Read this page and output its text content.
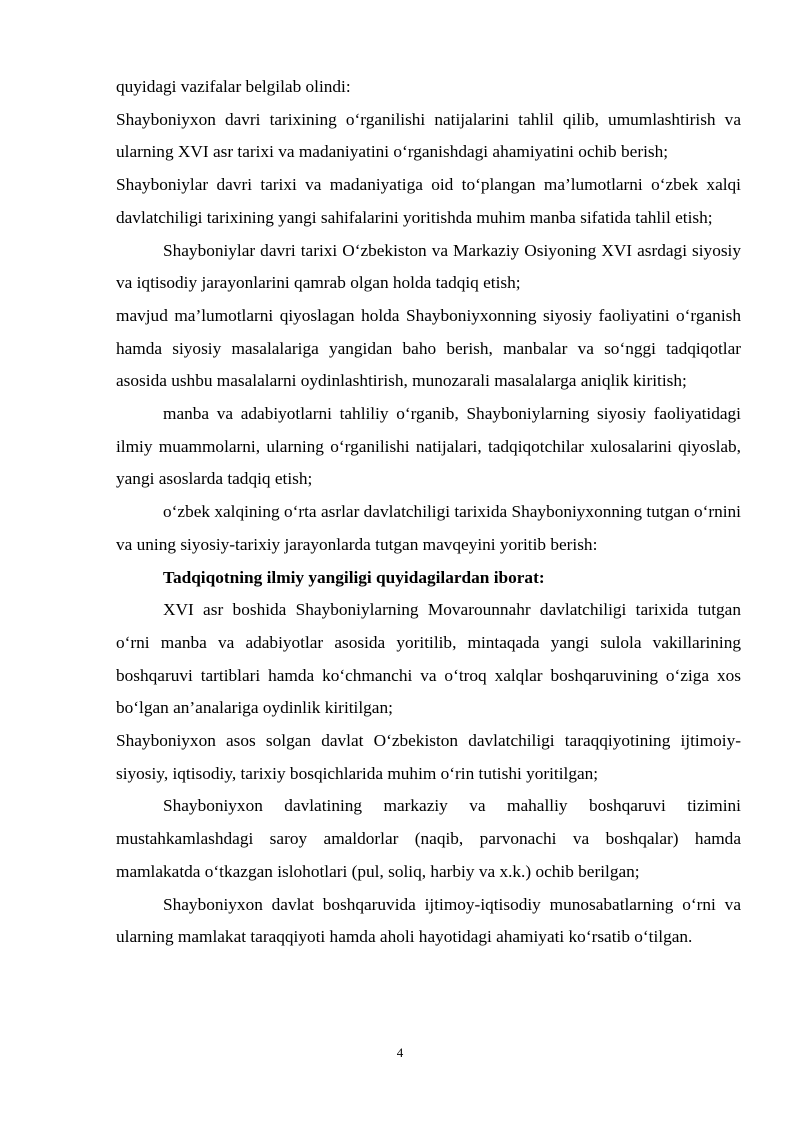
quyidagi vazifalar belgilab olindi:

Shayboniyxon davri tarixining o‘rganilishi natijalarini tahlil qilib, umumlashtirish va ularning XVI asr tarixi va madaniyatini o‘rganishdagi ahamiyatini ochib berish;

Shayboniylar davri tarixi va madaniyatiga oid to‘plangan ma’lumotlarni o‘zbek xalqi davlatchiligi tarixining yangi sahifalarini yoritishda muhim manba sifatida tahlil etish;

Shayboniylar davri tarixi O‘zbekiston va Markaziy Osiyoning XVI asrdagi siyosiy va iqtisodiy jarayonlarini qamrab olgan holda tadqiq etish;

mavjud ma’lumotlarni qiyoslagan holda Shayboniyxonning siyosiy faoliyatini o‘rganish hamda siyosiy masalalariga yangidan baho berish, manbalar va so‘nggi tadqiqotlar asosida ushbu masalalarni oydinlashtirish, munozarali masalalarga aniqlik kiritish;

manba va adabiyotlarni tahliliy o‘rganib, Shayboniylarning siyosiy faoliyatidagi ilmiy muammolarni, ularning o‘rganilishi natijalari, tadqiqotchilar xulosalarini qiyoslab, yangi asoslarda tadqiq etish;

o‘zbek xalqining o‘rta asrlar davlatchiligi tarixida Shayboniyxonning tutgan o‘rnini va uning siyosiy-tarixiy jarayonlarda tutgan mavqeyini yoritib berish:

Tadqiqotning ilmiy yangiligi quyidagilardan iborat:

XVI asr boshida Shayboniylarning Movarounnahr davlatchiligi tarixida tutgan o‘rni manba va adabiyotlar asosida yoritilib, mintaqada yangi sulola vakillarining boshqaruvi tartiblari hamda ko‘chmanchi va o‘troq xalqlar boshqaruvining o‘ziga xos bo‘lgan an’analariga oydinlik kiritilgan;

Shayboniyxon asos solgan davlat O‘zbekiston davlatchiligi taraqqiyotining ijtimoiy-siyosiy, iqtisodiy, tarixiy bosqichlarida muhim o‘rin tutishi yoritilgan;

Shayboniyxon davlatining markaziy va mahalliy boshqaruvi tizimini mustahkamlashdagi saroy amaldorlar (naqib, parvonachi va boshqalar) hamda mamlakatda o‘tkazgan islohotlari (pul, soliq, harbiy va x.k.) ochib berilgan;

Shayboniyxon davlat boshqaruvida ijtimoy-iqtisodiy munosabatlarning o‘rni va ularning mamlakat taraqqiyoti hamda aholi hayotidagi ahamiyati ko‘rsatib o‘tilgan.

4
